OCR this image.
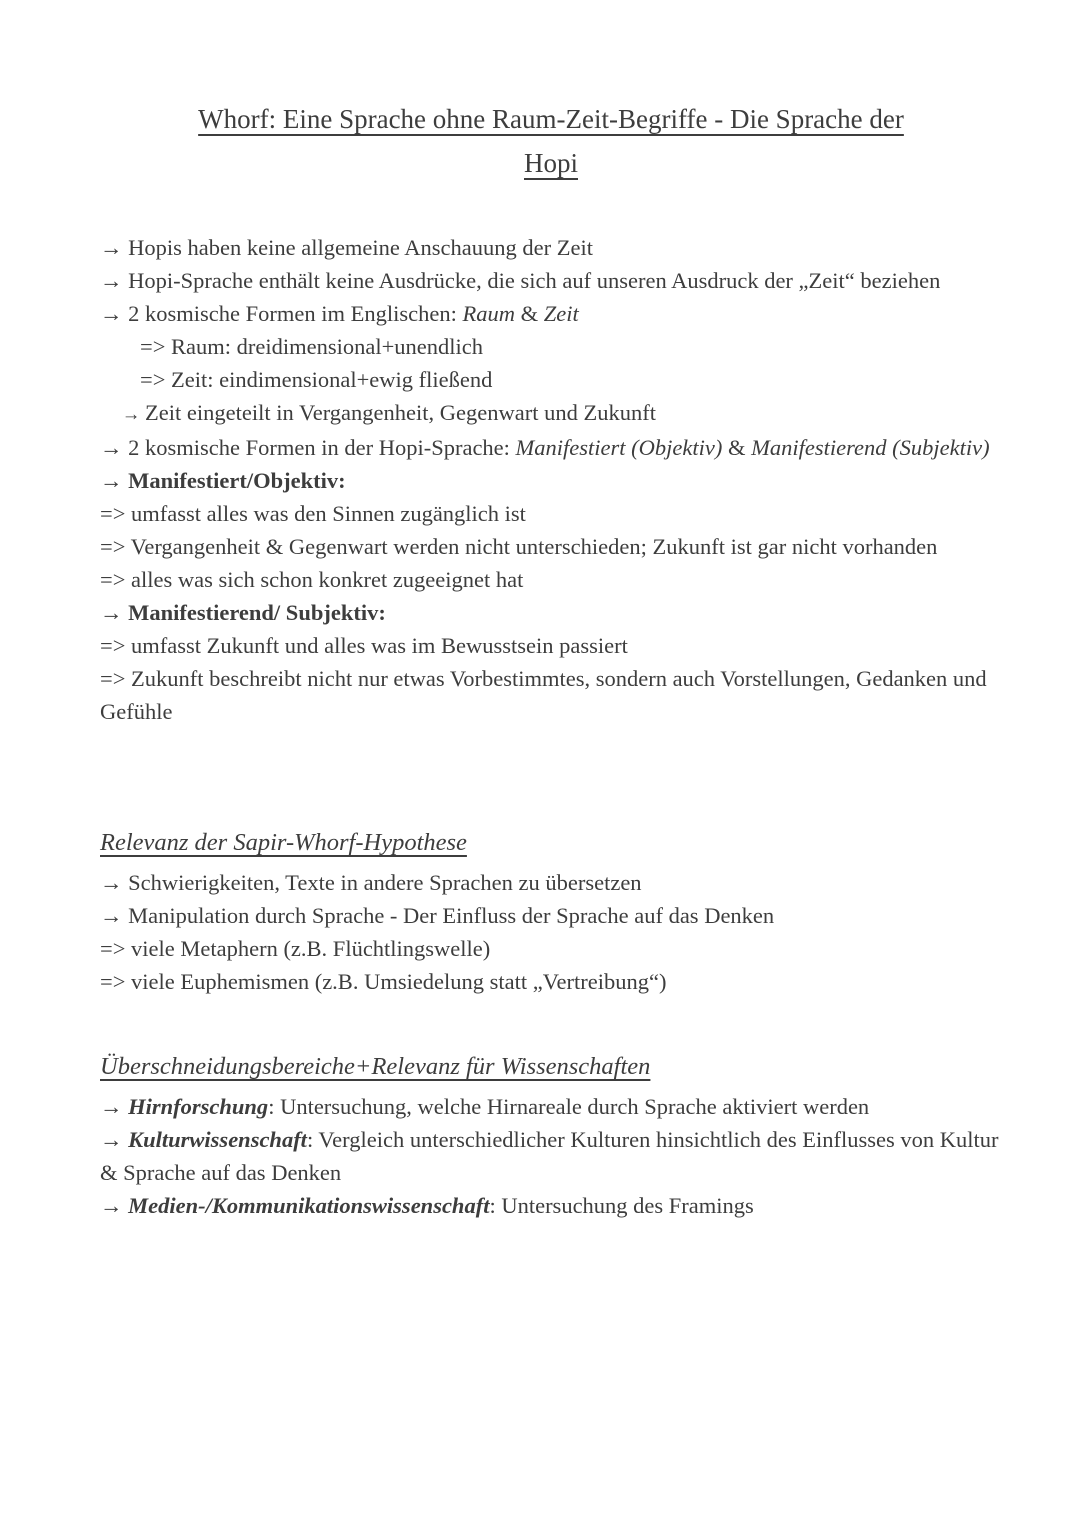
Whorf: Eine Sprache ohne Raum-Zeit-Begriffe - Die Sprache der
Hopi

→ Hopis haben keine allgemeine Anschauung der Zeit

→ Hopi-Sprache enthält keine Ausdrücke, die sich auf unseren Ausdruck der „Zeit“ beziehen

→ 2 kosmische Formen im Englischen: Raum & Zeit

=> Raum: dreidimensional+unendlich

=> Zeit: eindimensional+ewig fließend

→ Zeit eingeteilt in Vergangenheit, Gegenwart und Zukunft

→ 2 kosmische Formen in der Hopi-Sprache: Manifestiert (Objektiv) & Manifestierend (Subjektiv)

→ Manifestiert/Objektiv:

=> umfasst alles was den Sinnen zugänglich ist

=> Vergangenheit & Gegenwart werden nicht unterschieden; Zukunft ist gar nicht vorhanden

=> alles was sich schon konkret zugeeignet hat

→ Manifestierend/ Subjektiv:

=> umfasst Zukunft und alles was im Bewusstsein passiert

=> Zukunft beschreibt nicht nur etwas Vorbestimmtes, sondern auch Vorstellungen, Gedanken und Gefühle

Relevanz der Sapir-Whorf-Hypothese

→ Schwierigkeiten, Texte in andere Sprachen zu übersetzen

→ Manipulation durch Sprache - Der Einfluss der Sprache auf das Denken

=> viele Metaphern (z.B. Flüchtlingswelle)

=> viele Euphemismen (z.B. Umsiedelung statt „Vertreibung“)

Überschneidungsbereiche+Relevanz für Wissenschaften

→ Hirnforschung: Untersuchung, welche Hirnareale durch Sprache aktiviert werden

→ Kulturwissenschaft: Vergleich unterschiedlicher Kulturen hinsichtlich des Einflusses von Kultur & Sprache auf das Denken

→ Medien-/Kommunikationswissenschaft: Untersuchung des Framings
